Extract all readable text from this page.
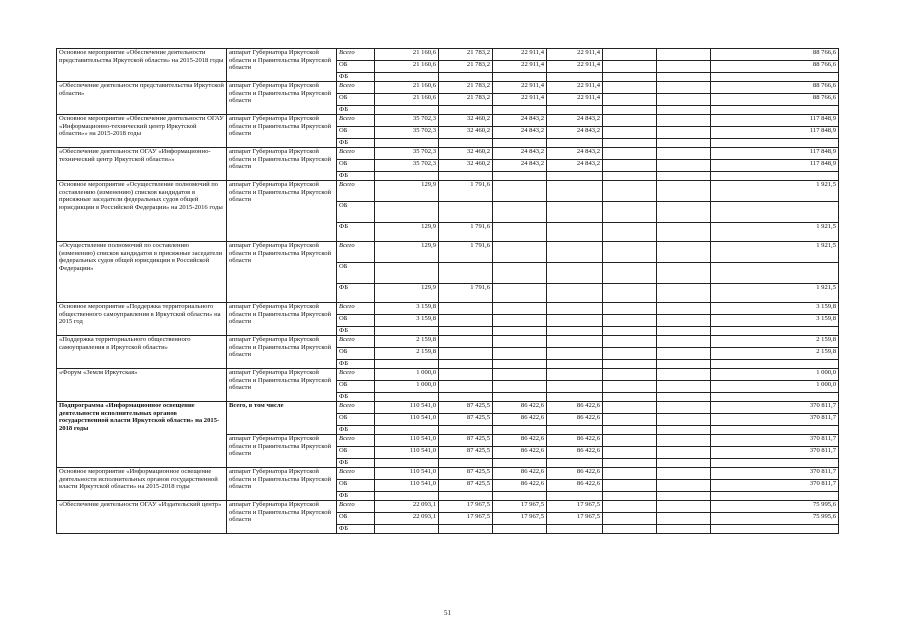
Основное мероприятие «Обеспечение деятельности представительства Иркутской области» на 2015-2018 годы	аппарат Губернатора Иркутской области и Правительства Иркутской области	Всего	21 160,6	21 783,2	22 911,4	22 911,4			88 766,6
		ОБ	21 160,6	21 783,2	22 911,4	22 911,4			88 766,6
		ФБ							
«Обеспечение деятельности представительства Иркутской области»	аппарат Губернатора Иркутской области и Правительства Иркутской области	Всего	21 160,6	21 783,2	22 911,4	22 911,4			88 766,6
		ОБ	21 160,6	21 783,2	22 911,4	22 911,4			88 766,6
		ФБ							
Основное мероприятие «Обеспечение деятельности ОГАУ «Информационно-технический центр Иркутской области»» на 2015-2018 годы	аппарат Губернатора Иркутской области и Правительства Иркутской области	Всего	35 702,3	32 460,2	24 843,2	24 843,2			117 848,9
		ОБ	35 702,3	32 460,2	24 843,2	24 843,2			117 848,9
		ФБ							
«Обеспечение деятельности ОГАУ «Информационно-технический центр Иркутской области»»	аппарат Губернатора Иркутской области и Правительства Иркутской области	Всего	35 702,3	32 460,2	24 843,2	24 843,2			117 848,9
		ОБ	35 702,3	32 460,2	24 843,2	24 843,2			117 848,9
		ФБ							
Основное мероприятие «Осуществление полномочий по составлению (изменению) списков кандидатов в присяжные заседатели федеральных судов общей юрисдикции в Российской Федерации» на 2015-2016 годы	аппарат Губернатора Иркутской области и Правительства Иркутской области	Всего	129,9	1 791,6					1 921,5
		ОБ							
		ФБ	129,9	1 791,6					1 921,5
«Осуществление полномочий по составлению (изменению) списков кандидатов в присяжные заседатели федеральных судов общей юрисдикции в Российской Федерации»	аппарат Губернатора Иркутской области и Правительства Иркутской области	Всего	129,9	1 791,6					1 921,5
		ОБ							
		ФБ	129,9	1 791,6					1 921,5
Основное мероприятие «Поддержка территориального общественного самоуправления в Иркутской области» на 2015 год	аппарат Губернатора Иркутской области и Правительства Иркутской области	Всего	3 159,8						3 159,8
		ОБ	3 159,8						3 159,8
		ФБ							
«Поддержка территориального общественного самоуправления в Иркутской области»	аппарат Губернатора Иркутской области и Правительства Иркутской области	Всего	2 159,8						2 159,8
		ОБ	2 159,8						2 159,8
		ФБ							
«Форум «Земля Иркутская»	аппарат Губернатора Иркутской области и Правительства Иркутской области	Всего	1 000,0						1 000,0
		ОБ	1 000,0						1 000,0
		ФБ							
Подпрограмма «Информационное освещение деятельности исполнительных органов государственной власти Иркутской области» на 2015-2018 годы	Всего, в том числе	Всего	110 541,0	87 425,5	86 422,6	86 422,6			370 811,7
		ОБ	110 541,0	87 425,5	86 422,6	86 422,6			370 811,7
		ФБ							
	аппарат Губернатора Иркутской области и Правительства Иркутской области	Всего	110 541,0	87 425,5	86 422,6	86 422,6			370 811,7
		ОБ	110 541,0	87 425,5	86 422,6	86 422,6			370 811,7
		ФБ							
Основное мероприятие «Информационное освещение деятельности исполнительных органов государственной власти Иркутской области» на 2015-2018 годы	аппарат Губернатора Иркутской области и Правительства Иркутской области	Всего	110 541,0	87 425,5	86 422,6	86 422,6			370 811,7
		ОБ	110 541,0	87 425,5	86 422,6	86 422,6			370 811,7
		ФБ							
«Обеспечение деятельности ОГАУ «Издательский центр»	аппарат Губернатора Иркутской области и Правительства Иркутской области	Всего	22 093,1	17 967,5	17 967,5	17 967,5			75 995,6
		ОБ	22 093,1	17 967,5	17 967,5	17 967,5			75 995,6
		ФБ							
51
